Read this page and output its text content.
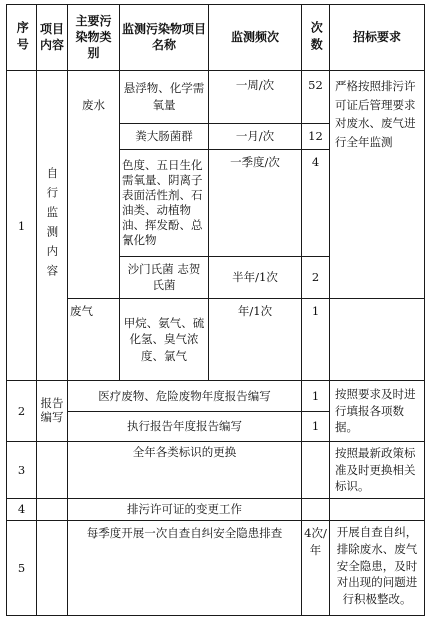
序号	项目内容	主要污染物类别	监测污染物项目名称	监测频次	次数	招标要求
1	自行监测内容	废水	悬浮物、化学需氧量	一周/次	52	严格按照排污许可证后管理要求对废水、废气进行全年监测
			粪大肠菌群	一月/次	12	
			色度、五日生化需氧量、阴离子表面活性剂、石油类、动植物油、挥发酚、总氰化物	一季度/次	4	
			沙门氏菌 志贺氏菌	半年/1次	2	
		废气	甲烷、氨气、硫化氢、臭气浓度、氯气	年/1次	1	
2	报告编写	医疗废物、危险废物年度报告编写			1	按照要求及时进行填报各项数据。
		执行报告年度报告编写			1	
3		全年各类标识的更换				按照最新政策标准及时更换相关标识。
4		排污许可证的变更工作				
5		每季度开展一次自查自纠安全隐患排查			4次/年	开展自查自纠，排除废水、废气安全隐患，及时对出现的问题进行积极整改。
